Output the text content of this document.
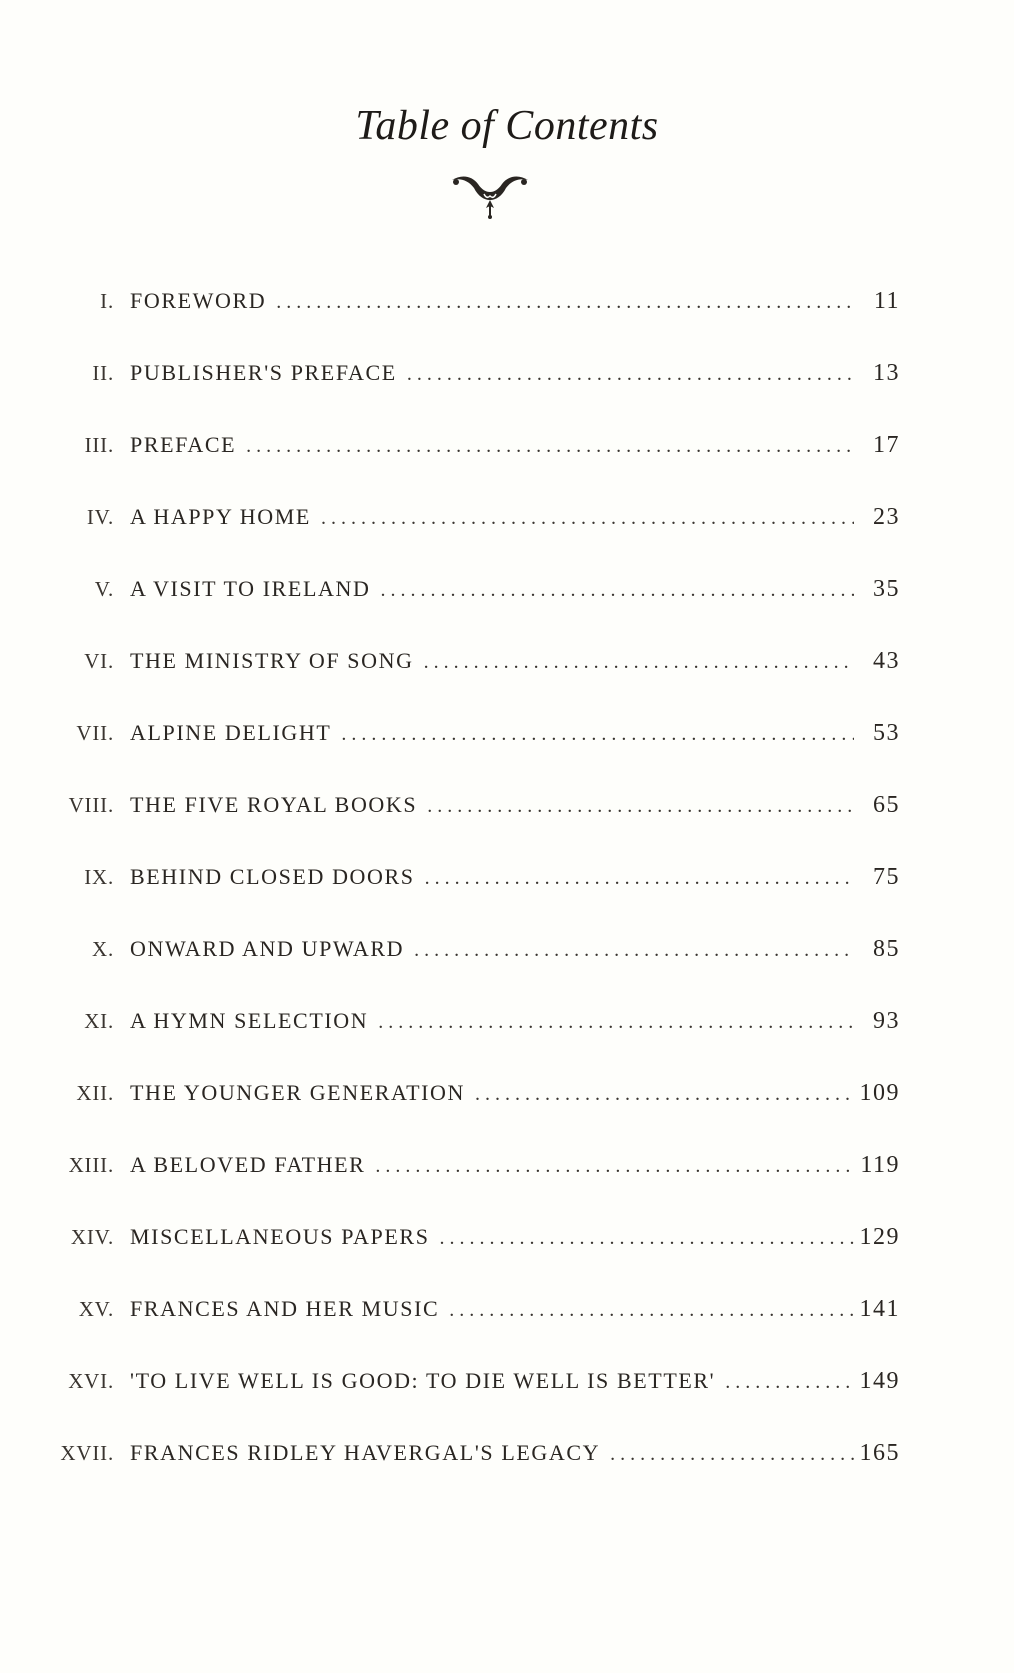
Table of Contents
I. FOREWORD . . .	11
II. PUBLISHER'S PREFACE . . .	13
III. PREFACE . . .	17
IV. A HAPPY HOME . . .	23
V. A VISIT TO IRELAND . . .	35
VI. THE MINISTRY OF SONG . . .	43
VII. ALPINE DELIGHT . . .	53
VIII. THE FIVE ROYAL BOOKS . . .	65
IX. BEHIND CLOSED DOORS . . .	75
X. ONWARD AND UPWARD . . .	85
XI. A HYMN SELECTION . . .	93
XII. THE YOUNGER GENERATION . . .	109
XIII. A BELOVED FATHER . . .	119
XIV. MISCELLANEOUS PAPERS . . .	129
XV. FRANCES AND HER MUSIC . . .	141
XVI. 'TO LIVE WELL IS GOOD: TO DIE WELL IS BETTER' . . .	149
XVII. FRANCES RIDLEY HAVERGAL'S LEGACY . . .	165
